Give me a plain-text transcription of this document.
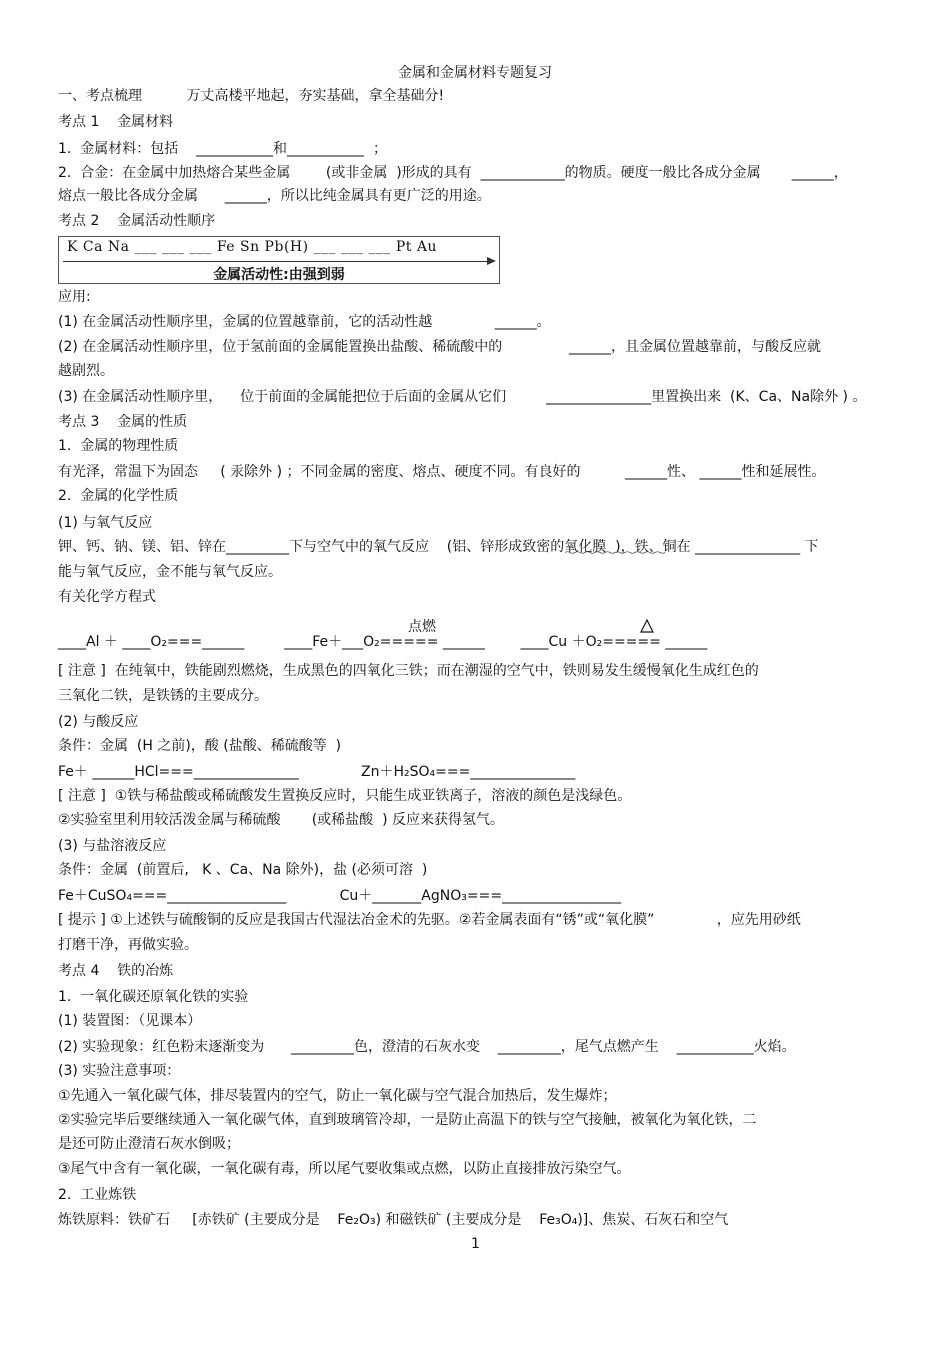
金属和金属材料专题复习
一、考点梳理          万丈高楼平地起，夯实基础，拿全基础分!
考点 1    金属材料
1.  金属材料：包括    ___________和___________  ；
2.  合金：在金属中加热熔合某些金属        (或非金属  )形成的具有  ____________的物质。硬度一般比各成分金属       ______，
熔点一般比各成分金属      ______，所以比纯金属具有更广泛的用途。
考点 2    金属活动性顺序
K Ca Na ___ ___ ___ Fe Sn Pb(H) ___ ___ ___ Pt Au
金属活动性:由强到弱
应用:
(1) 在金属活动性顺序里，金属的位置越靠前，它的活动性越              ______。
(2) 在金属活动性顺序里，位于氢前面的金属能置换出盐酸、稀硫酸中的               ______，且金属位置越靠前，与酸反应就
越剧烈。
(3) 在金属活动性顺序里，    位于前面的金属能把位于后面的金属从它们         _______________里置换出来  (K、Ca、Na除外 ) 。
考点 3    金属的性质
1.  金属的物理性质
有光泽，常温下为固态     ( 汞除外 ) ；不同金属的密度、熔点、硬度不同。有良好的          ______性、 ______性和延展性。
2.  金属的化学性质
(1) 与氧气反应
钾、钙、钠、镁、铝、锌在_________下与空气中的氧气反应    (铝、锌形成致密的氧化膜  )，铁、铜在 _______________ 下
能与氧气反应，金不能与氧气反应。
有关化学方程式
点燃
____Al ＋ ____O₂===______         ____Fe＋___O₂===== ______        ____Cu ＋O₂===== ______
[ 注意 ]  在纯氧中，铁能剧烈燃烧，生成黑色的四氧化三铁；而在潮湿的空气中，铁则易发生缓慢氧化生成红色的
三氧化二铁，是铁锈的主要成分。
(2) 与酸反应
条件：金属  (H 之前)，酸 (盐酸、稀硫酸等  )
Fe＋ ______HCl===_______________              Zn＋H₂SO₄===_______________
[ 注意 ]  ①铁与稀盐酸或稀硫酸发生置换反应时，只能生成亚铁离子，溶液的颜色是浅绿色。
②实验室里利用较活泼金属与稀硫酸       (或稀盐酸  ) 反应来获得氢气。
(3) 与盐溶液反应
条件：金属  (前置后,   K 、Ca、Na 除外)，盐 (必须可溶  )
Fe＋CuSO₄===_________________            Cu＋_______AgNO₃===_________________
[ 提示 ] ①上述铁与硫酸铜的反应是我国古代湿法冶金术的先驱。②若金属表面有“锈”或“氧化膜”              ，应先用砂纸
打磨干净，再做实验。
考点 4    铁的冶炼
1.  一氧化碳还原氧化铁的实验
(1) 装置图：（见课本）
(2) 实验现象：红色粉末逐渐变为      _________色，澄清的石灰水变    _________，尾气点燃产生    ___________火焰。
(3) 实验注意事项：
①先通入一氧化碳气体，排尽装置内的空气，防止一氧化碳与空气混合加热后，发生爆炸；
②实验完毕后要继续通入一氧化碳气体，直到玻璃管冷却，一是防止高温下的铁与空气接触，被氧化为氧化铁，二
是还可防止澄清石灰水倒吸；
③尾气中含有一氧化碳，一氧化碳有毒，所以尾气要收集或点燃，以防止直接排放污染空气。
2.  工业炼铁
炼铁原料：铁矿石     [赤铁矿 (主要成分是    Fe₂O₃) 和磁铁矿 (主要成分是    Fe₃O₄)]、焦炭、石灰石和空气
1
